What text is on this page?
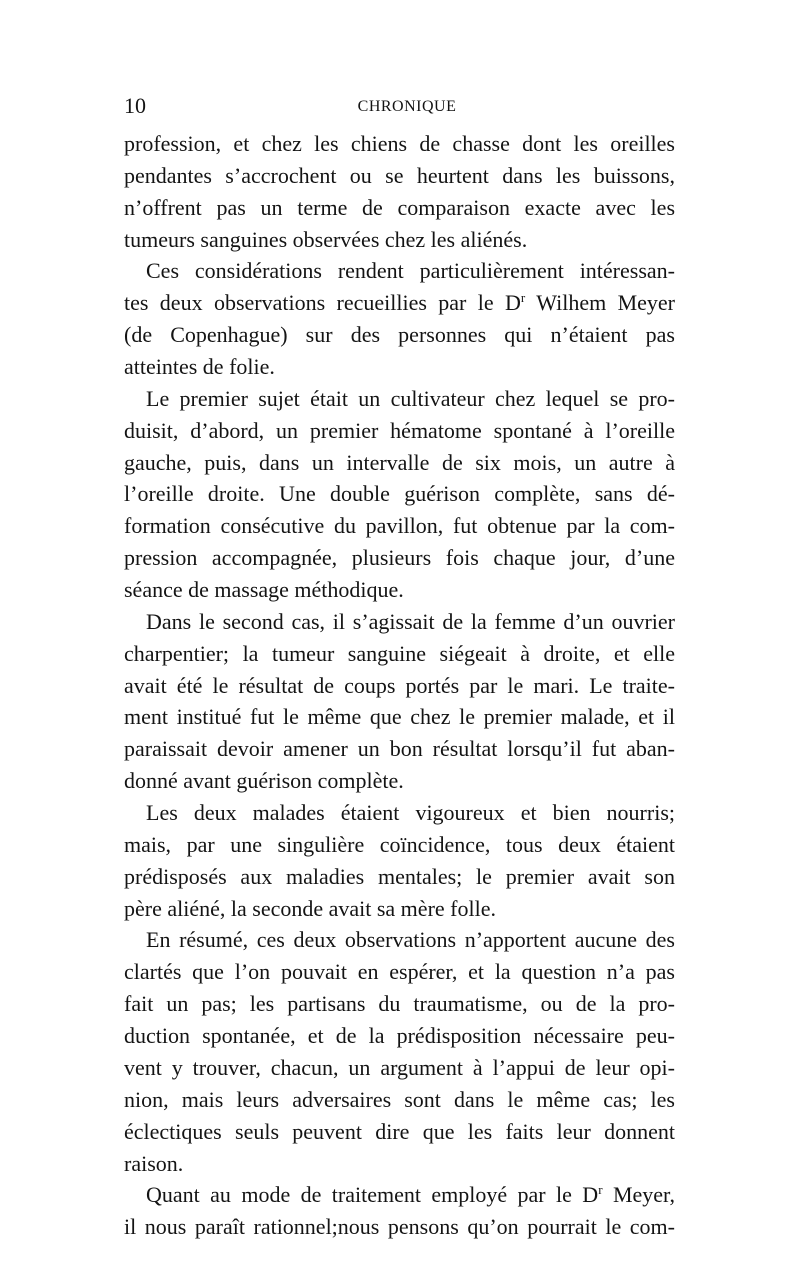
10	CHRONIQUE
profession, et chez les chiens de chasse dont les oreilles
pendantes s’accrochent ou se heurtent dans les buissons,
n’offrent pas un terme de comparaison exacte avec les
tumeurs sanguines observées chez les aliénés.
Ces considérations rendent particulièrement intéressan-
tes deux observations recueillies par le $D^r$ Wilhem Meyer
(de Copenhague) sur des personnes qui n’étaient pas
atteintes de folie.
Le premier sujet était un cultivateur chez lequel se pro-
duisit, d’abord, un premier hématome spontané à l’oreille
gauche, puis, dans un intervalle de six mois, un autre à
l’oreille droite. Une double guérison complète, sans dé-
formation consécutive du pavillon, fut obtenue par la com-
pression accompagnée, plusieurs fois chaque jour, d’une
séance de massage méthodique.
Dans le second cas, il s’agissait de la femme d’un ouvrier
charpentier; la tumeur sanguine siégeait à droite, et elle
avait été le résultat de coups portés par le mari. Le traite-
ment institué fut le même que chez le premier malade, et il
paraissait devoir amener un bon résultat lorsqu’il fut aban-
donné avant guérison complète.
Les deux malades étaient vigoureux et bien nourris;
mais, par une singulière coïncidence, tous deux étaient
prédisposés aux maladies mentales; le premier avait son
père aliéné, la seconde avait sa mère folle.
En résumé, ces deux observations n’apportent aucune des
clartés que l’on pouvait en espérer, et la question n’a pas
fait un pas; les partisans du traumatisme, ou de la pro-
duction spontanée, et de la prédisposition nécessaire peu-
vent y trouver, chacun, un argument à l’appui de leur opi-
nion, mais leurs adversaires sont dans le même cas; les
éclectiques seuls peuvent dire que les faits leur donnent
raison.
Quant au mode de traitement employé par le $D^r$ Meyer,
il nous paraît rationnel;nous pensons qu’on pourrait le com-
